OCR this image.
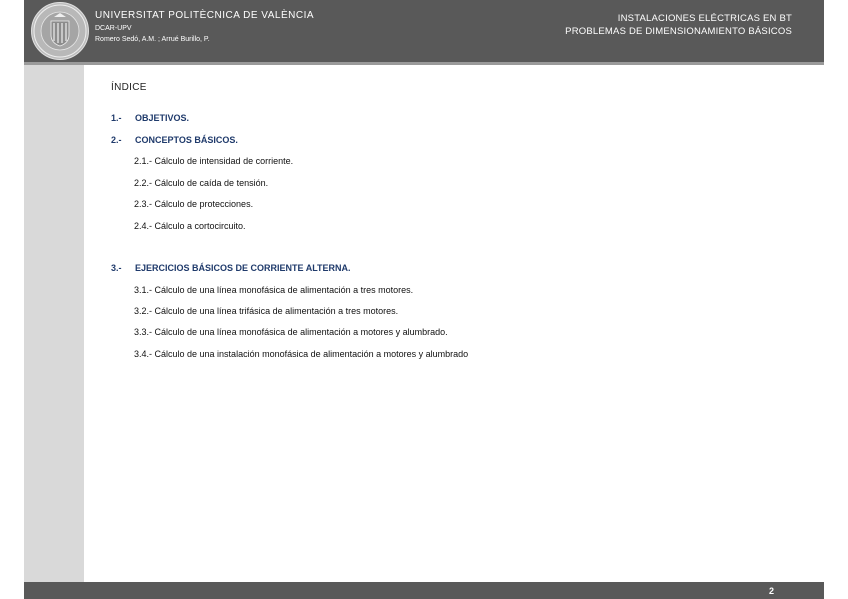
UNIVERSITAT POLITÈCNICA DE VALÈNCIA
DCAR-UPV
Romero Sedó, A.M. ; Arrué Burillo, P.
INSTALACIONES ELÉCTRICAS EN BT
PROBLEMAS DE DIMENSIONAMIENTO BÁSICOS
ÍNDICE
1.- OBJETIVOS.
2.- CONCEPTOS BÁSICOS.
2.1.- Cálculo de intensidad de corriente.
2.2.- Cálculo de caída de tensión.
2.3.- Cálculo de protecciones.
2.4.- Cálculo a cortocircuito.
3.- EJERCICIOS BÁSICOS DE CORRIENTE ALTERNA.
3.1.- Cálculo de una línea monofásica de alimentación a tres motores.
3.2.- Cálculo de una línea trifásica de alimentación a tres motores.
3.3.- Cálculo de una línea monofásica de alimentación a motores y alumbrado.
3.4.- Cálculo de una instalación monofásica de alimentación a motores y alumbrado
2
